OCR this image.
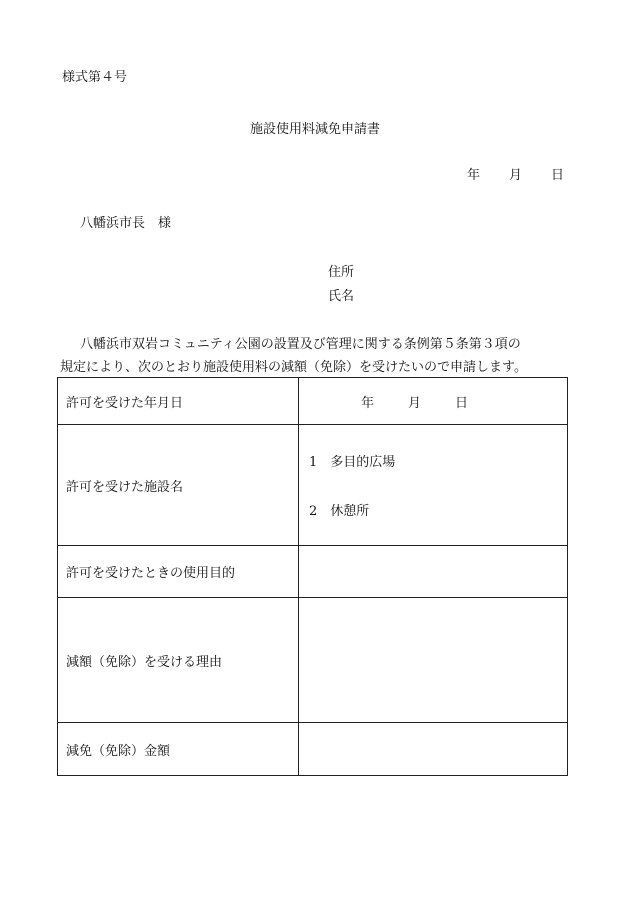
様式第４号
施設使用料減免申請書
年 月 日
八幡浜市長　様
住所
氏名
八幡浜市双岩コミュニティ公園の設置及び管理に関する条例第５条第３項の
規定により、次のとおり施設使用料の減額（免除）を受けたいので申請します。
許可を受けた年月日	年 月 日
許可を受けた施設名	1  多目的広場
2  休憩所

許可を受けたときの使用目的	
減額（免除）を受ける理由	
減免（免除）金額	
